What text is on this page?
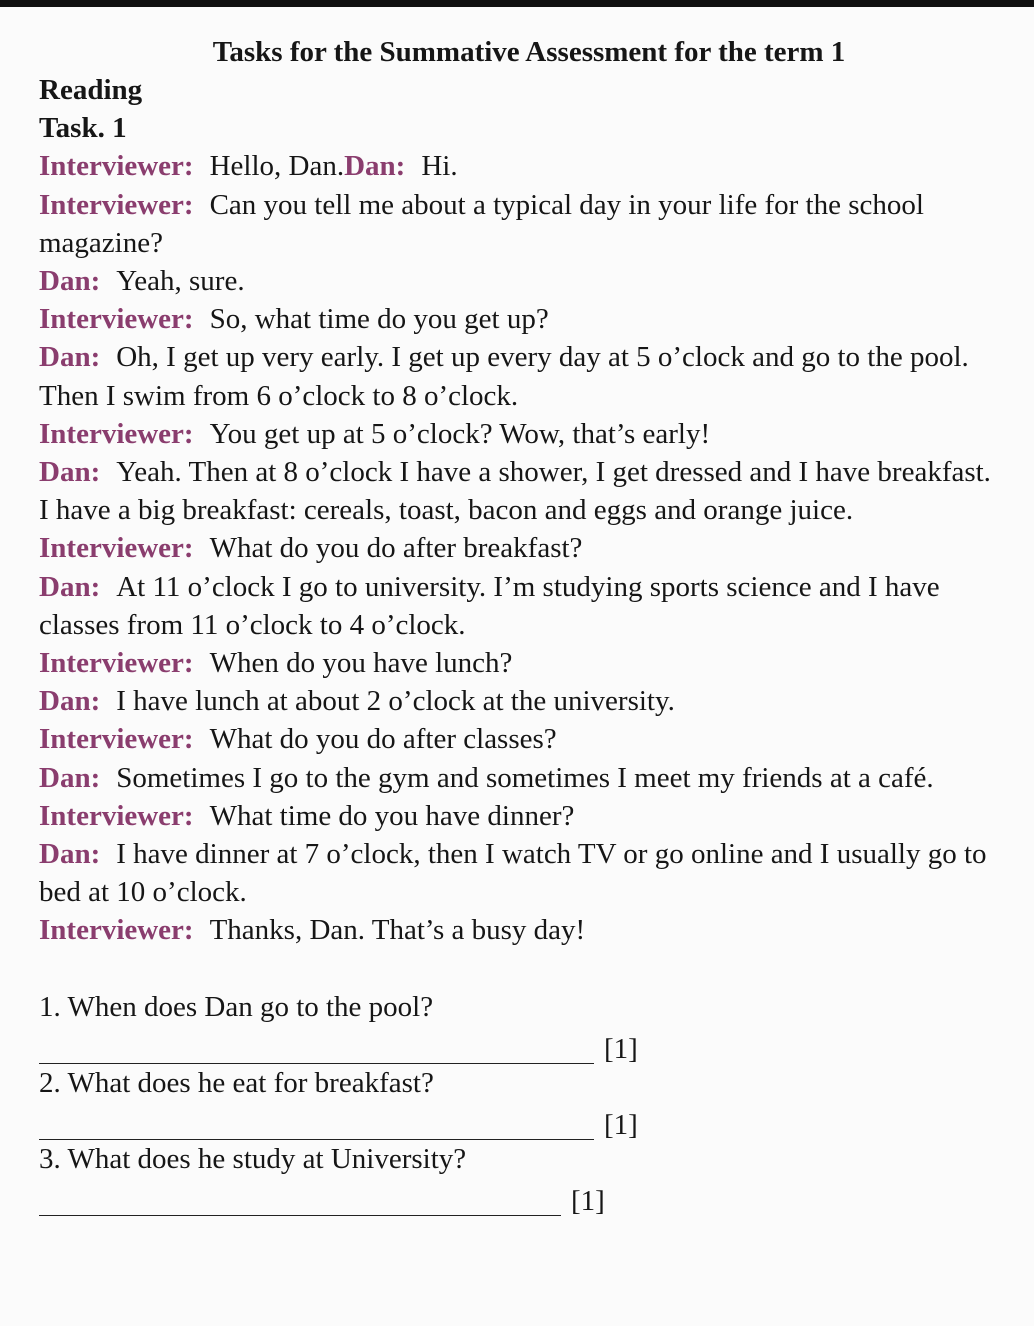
Tasks for the Summative Assessment for the term 1
Reading
Task. 1
Interviewer: Hello, Dan.Dan: Hi.
Interviewer: Can you tell me about a typical day in your life for the school magazine?
Dan: Yeah, sure.
Interviewer: So, what time do you get up?
Dan: Oh, I get up very early. I get up every day at 5 o’clock and go to the pool. Then I swim from 6 o’clock to 8 o’clock.
Interviewer: You get up at 5 o’clock? Wow, that’s early!
Dan: Yeah. Then at 8 o’clock I have a shower, I get dressed and I have breakfast. I have a big breakfast: cereals, toast, bacon and eggs and orange juice.
Interviewer: What do you do after breakfast?
Dan: At 11 o’clock I go to university. I’m studying sports science and I have classes from 11 o’clock to 4 o’clock.
Interviewer: When do you have lunch?
Dan: I have lunch at about 2 o’clock at the university.
Interviewer: What do you do after classes?
Dan: Sometimes I go to the gym and sometimes I meet my friends at a café.
Interviewer: What time do you have dinner?
Dan: I have dinner at 7 o’clock, then I watch TV or go online and I usually go to bed at 10 o’clock.
Interviewer: Thanks, Dan. That’s a busy day!
1. When does Dan go to the pool?
[1]
2. What does he eat for breakfast?
[1]
3. What does he study at University?
[1]
